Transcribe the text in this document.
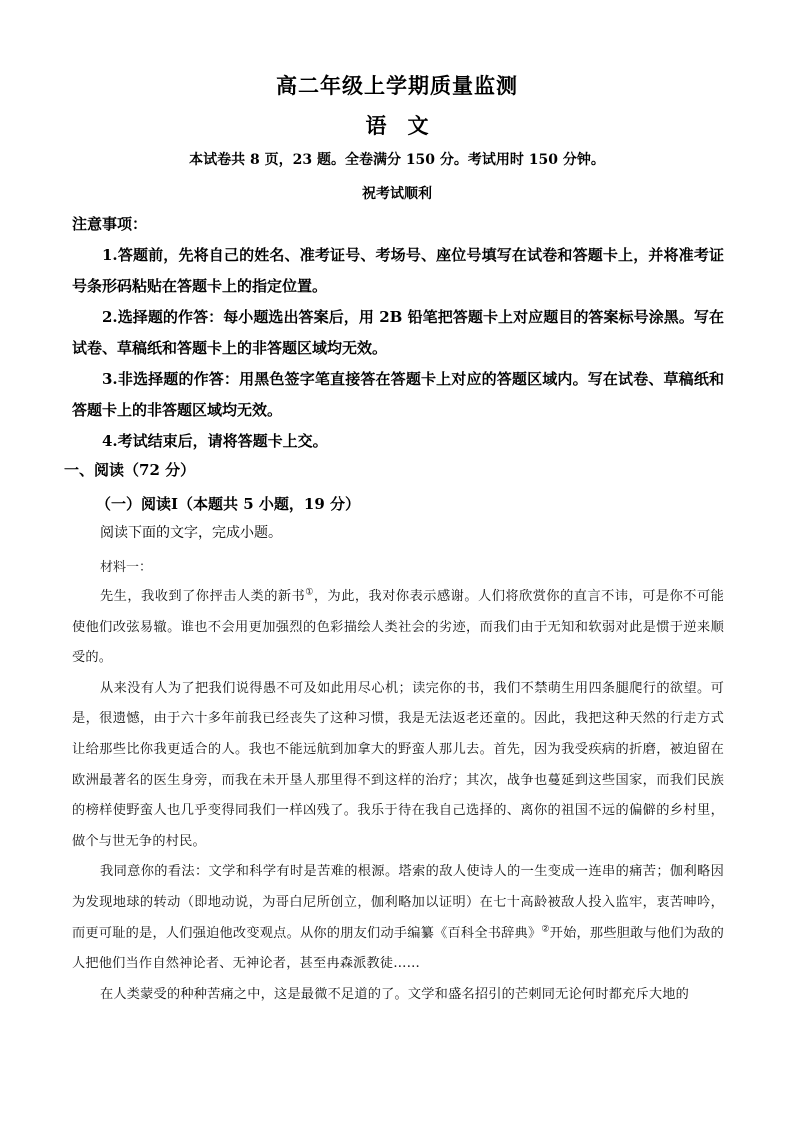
高二年级上学期质量监测
语　文
本试卷共 8 页，23 题。全卷满分 150 分。考试用时 150 分钟。
祝考试顺利
注意事项：

1.答题前，先将自己的姓名、准考证号、考场号、座位号填写在试卷和答题卡上，并将准考证号条形码粘贴在答题卡上的指定位置。

2.选择题的作答：每小题选出答案后，用 2B 铅笔把答题卡上对应题目的答案标号涂黑。写在试卷、草稿纸和答题卡上的非答题区域均无效。

3.非选择题的作答：用黑色签字笔直接答在答题卡上对应的答题区域内。写在试卷、草稿纸和答题卡上的非答题区域均无效。

4.考试结束后，请将答题卡上交。

一、阅读（72 分）
（一）阅读Ⅰ（本题共 5 小题，19 分）
阅读下面的文字，完成小题。
材料一：

先生，我收到了你抨击人类的新书①，为此，我对你表示感谢。人们将欣赏你的直言不讳，可是你不可能使他们改弦易辙。谁也不会用更加强烈的色彩描绘人类社会的劣迹，而我们由于无知和软弱对此是惯于逆来顺受的。

从来没有人为了把我们说得愚不可及如此用尽心机；读完你的书，我们不禁萌生用四条腿爬行的欲望。可是，很遗憾，由于六十多年前我已经丧失了这种习惯，我是无法返老还童的。因此，我把这种天然的行走方式让给那些比你我更适合的人。我也不能远航到加拿大的野蛮人那儿去。首先，因为我受疾病的折磨，被迫留在欧洲最著名的医生身旁，而我在未开垦人那里得不到这样的治疗；其次，战争也蔓延到这些国家，而我们民族的榜样使野蛮人也几乎变得同我们一样凶残了。我乐于待在我自己选择的、离你的祖国不远的偏僻的乡村里，做个与世无争的村民。

我同意你的看法：文学和科学有时是苦难的根源。塔索的敌人使诗人的一生变成一连串的痛苦；伽利略因为发现地球的转动（即地动说，为哥白尼所创立，伽利略加以证明）在七十高龄被敌人投入监牢，衷苦呻吟，而更可耻的是，人们强迫他改变观点。从你的朋友们动手编纂《百科全书辞典》②开始，那些胆敢与他们为敌的人把他们当作自然神论者、无神论者，甚至冉森派教徒……

在人类蒙受的种种苦痛之中，这是最微不足道的了。文学和盛名招引的芒刺同无论何时都充斥大地的
